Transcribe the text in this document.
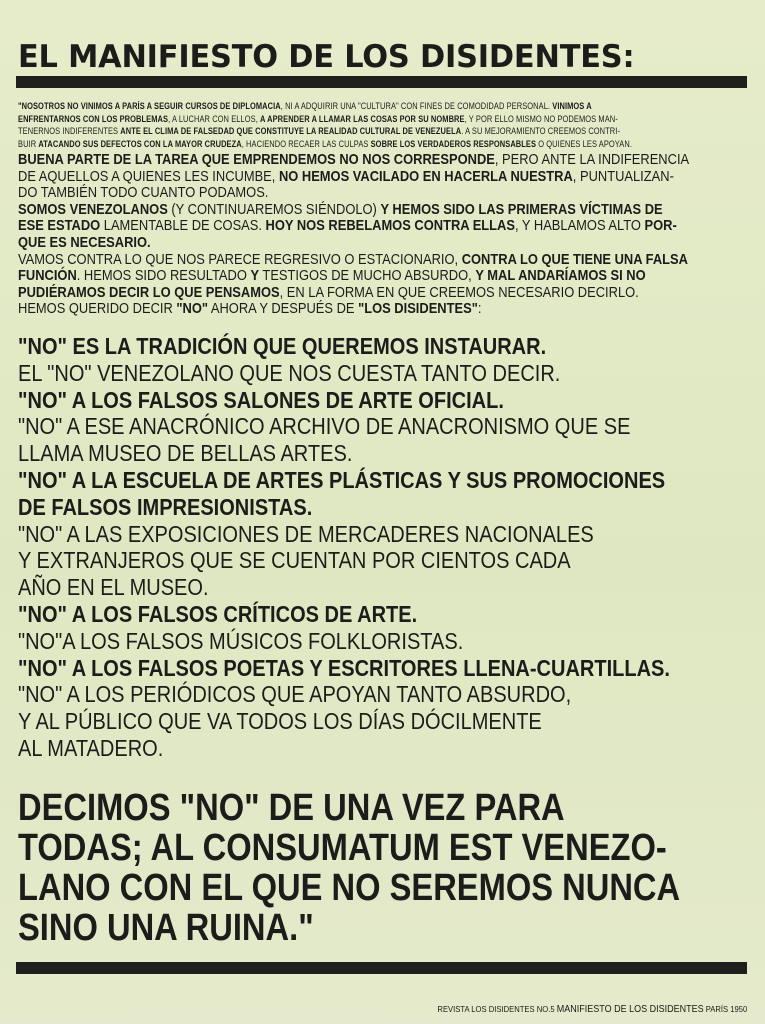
EL MANIFIESTO DE LOS DISIDENTES:

"NOSOTROS NO VINIMOS A PARÍS A SEGUIR CURSOS DE DIPLOMACIA, NI A ADQUIRIR UNA "CULTURA" CON FINES DE COMODIDAD PERSONAL. VINIMOS A

ENFRENTARNOS CON LOS PROBLEMAS, A LUCHAR CON ELLOS, A APRENDER A LLAMAR LAS COSAS POR SU NOMBRE, Y POR ELLO MISMO NO PODEMOS MAN-

TENERNOS INDIFERENTES ANTE EL CLIMA DE FALSEDAD QUE CONSTITUYE LA REALIDAD CULTURAL DE VENEZUELA. A SU MEJORAMIENTO CREEMOS CONTRI-

BUIR ATACANDO SUS DEFECTOS CON LA MAYOR CRUDEZA, HACIENDO RECAER LAS CULPAS SOBRE LOS VERDADEROS RESPONSABLES O QUIENES LES APOYAN.

BUENA PARTE DE LA TAREA QUE EMPRENDEMOS NO NOS CORRESPONDE, PERO ANTE LA INDIFERENCIA

DE AQUELLOS A QUIENES LES INCUMBE, NO HEMOS VACILADO EN HACERLA NUESTRA, PUNTUALIZAN-

DO TAMBIÉN TODO CUANTO PODAMOS.

SOMOS VENEZOLANOS (Y CONTINUAREMOS SIÉNDOLO) Y HEMOS SIDO LAS PRIMERAS VÍCTIMAS DE

ESE ESTADO LAMENTABLE DE COSAS. HOY NOS REBELAMOS CONTRA ELLAS, Y HABLAMOS ALTO POR-

QUE ES NECESARIO.

VAMOS CONTRA LO QUE NOS PARECE REGRESIVO O ESTACIONARIO, CONTRA LO QUE TIENE UNA FALSA

FUNCIÓN. HEMOS SIDO RESULTADO Y TESTIGOS DE MUCHO ABSURDO, Y MAL ANDARÍAMOS SI NO

PUDIÉRAMOS DECIR LO QUE PENSAMOS, EN LA FORMA EN QUE CREEMOS NECESARIO DECIRLO.

HEMOS QUERIDO DECIR "NO" AHORA Y DESPUÉS DE "LOS DISIDENTES":

"NO" ES LA TRADICIÓN QUE QUEREMOS INSTAURAR.

EL "NO" VENEZOLANO QUE NOS CUESTA TANTO DECIR.

"NO" A LOS FALSOS SALONES DE ARTE OFICIAL.

"NO" A ESE ANACRÓNICO ARCHIVO DE ANACRONISMO QUE SE

LLAMA MUSEO DE BELLAS ARTES.

"NO" A LA ESCUELA DE ARTES PLÁSTICAS Y SUS PROMOCIONES

DE FALSOS IMPRESIONISTAS.

"NO" A LAS EXPOSICIONES DE MERCADERES NACIONALES

Y EXTRANJEROS QUE SE CUENTAN POR CIENTOS CADA

AÑO EN EL MUSEO.

"NO" A LOS FALSOS CRÍTICOS DE ARTE.

"NO"A LOS FALSOS MÚSICOS FOLKLORISTAS.

"NO" A LOS FALSOS POETAS Y ESCRITORES LLENA-CUARTILLAS.

"NO" A LOS PERIÓDICOS QUE APOYAN TANTO ABSURDO,

Y AL PÚBLICO QUE VA TODOS LOS DÍAS DÓCILMENTE

AL MATADERO.

DECIMOS "NO" DE UNA VEZ PARA

TODAS; AL CONSUMATUM EST VENEZO-

LANO CON EL QUE NO SEREMOS NUNCA

SINO UNA RUINA."

REVISTA LOS DISIDENTES NO.5 MANIFIESTO DE LOS DISIDENTES PARÍS 1950
